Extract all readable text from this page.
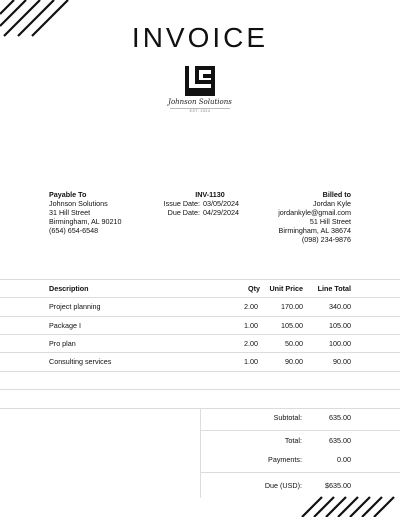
INVOICE
Johnson Solutions
EST. 2024
Payable To
Johnson Solutions
31 Hill Street
Birmingham, AL 90210
(654) 654-6548
INV-1130
Issue Date: 03/05/2024
Due Date: 04/29/2024
Billed to
Jordan Kyle
jordankyle@gmail.com
51 Hill Street
Birmingham, AL 38674
(098) 234-9876
Description	Qty	Unit Price	Line Total
Project planning	2.00	170.00	340.00
Package I	1.00	105.00	105.00
Pro plan	2.00	50.00	100.00
Consulting services	1.00	90.00	90.00
Subtotal:	635.00
Total:	635.00
Payments:	0.00
Due (USD):	$635.00
